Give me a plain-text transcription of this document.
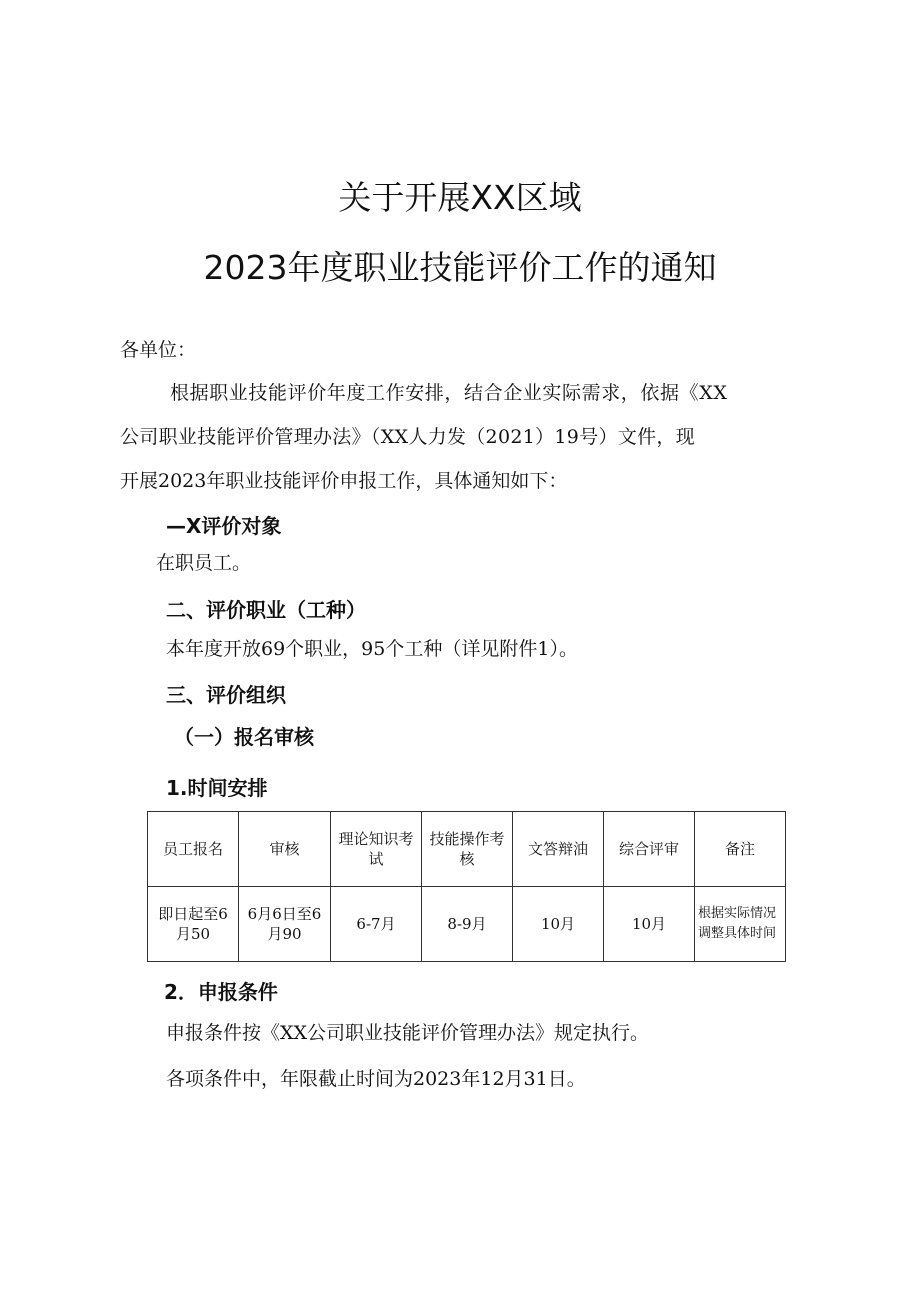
关于开展XX区域
2023年度职业技能评价工作的通知
各单位：
根据职业技能评价年度工作安排，结合企业实际需求，依据《XX
公司职业技能评价管理办法》（XX人力发（2021）19号）文件，现
开展2023年职业技能评价申报工作，具体通知如下：
—X评价对象
在职员工。
二、评价职业（工种）
本年度开放69个职业，95个工种（详见附件1）。
三、评价组织
（一）报名审核
1.时间安排
员工报名	审核	理论知识考试	技能操作考核	文答辩油	综合评审	备注
即日起至6月50	6月6日至6月90	6-7月	8-9月	10月	10月	根据实际情况调整具体时间
2．申报条件
申报条件按《XX公司职业技能评价管理办法》规定执行。
各项条件中，年限截止时间为2023年12月31日。
